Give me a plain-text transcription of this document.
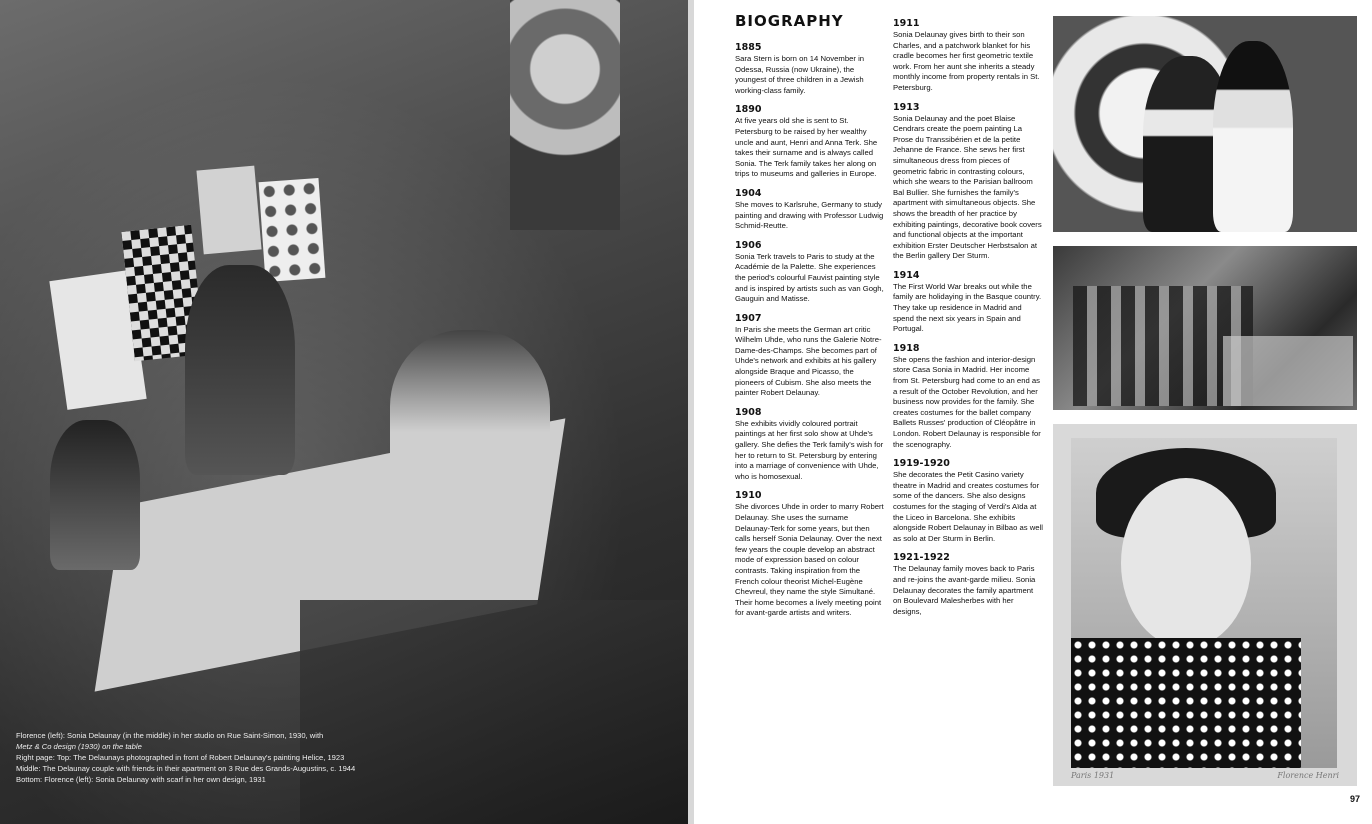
Florence (left): Sonia Delaunay (in the middle) in her studio on Rue Saint-Simon, 1930, with
Metz & Co design (1930) on the table
Right page: Top: The Delaunays photographed in front of Robert Delaunay's painting Helice, 1923
Middle: The Delaunay couple with friends in their apartment on 3 Rue des Grands-Augustins, c. 1944
Bottom: Florence (left): Sonia Delaunay with scarf in her own design, 1931
BIOGRAPHY
1885
Sara Stern is born on 14 November in Odessa, Russia (now Ukraine), the youngest of three children in a Jewish working-class family.
1890
At five years old she is sent to St. Petersburg to be raised by her wealthy uncle and aunt, Henri and Anna Terk. She takes their surname and is always called Sonia. The Terk family takes her along on trips to museums and galleries in Europe.
1904
She moves to Karlsruhe, Germany to study painting and drawing with Professor Ludwig Schmid-Reutte.
1906
Sonia Terk travels to Paris to study at the Académie de la Palette. She experiences the period's colourful Fauvist painting style and is inspired by artists such as van Gogh, Gauguin and Matisse.
1907
In Paris she meets the German art critic Wilhelm Uhde, who runs the Galerie Notre-Dame-des-Champs. She becomes part of Uhde's network and exhibits at his gallery alongside Braque and Picasso, the pioneers of Cubism. She also meets the painter Robert Delaunay.
1908
She exhibits vividly coloured portrait paintings at her first solo show at Uhde's gallery. She defies the Terk family's wish for her to return to St. Petersburg by entering into a marriage of convenience with Uhde, who is homosexual.
1910
She divorces Uhde in order to marry Robert Delaunay. She uses the surname Delaunay-Terk for some years, but then calls herself Sonia Delaunay. Over the next few years the couple develop an abstract mode of expression based on colour contrasts. Taking inspiration from the French colour theorist Michel-Eugène Chevreul, they name the style Simultané. Their home becomes a lively meeting point for avant-garde artists and writers.
1911
Sonia Delaunay gives birth to their son Charles, and a patchwork blanket for his cradle becomes her first geometric textile work. From her aunt she inherits a steady monthly income from property rentals in St. Petersburg.
1913
Sonia Delaunay and the poet Blaise Cendrars create the poem painting La Prose du Transsibérien et de la petite Jehanne de France. She sews her first simultaneous dress from pieces of geometric fabric in contrasting colours, which she wears to the Parisian ballroom Bal Bullier. She furnishes the family's apartment with simultaneous objects. She shows the breadth of her practice by exhibiting paintings, decorative book covers and functional objects at the important exhibition Erster Deutscher Herbstsalon at the Berlin gallery Der Sturm.
1914
The First World War breaks out while the family are holidaying in the Basque country. They take up residence in Madrid and spend the next six years in Spain and Portugal.
1918
She opens the fashion and interior-design store Casa Sonia in Madrid. Her income from St. Petersburg had come to an end as a result of the October Revolution, and her business now provides for the family. She creates costumes for the ballet company Ballets Russes' production of Cléopâtre in London. Robert Delaunay is responsible for the scenography.
1919-1920
She decorates the Petit Casino variety theatre in Madrid and creates costumes for some of the dancers. She also designs costumes for the staging of Verdi's Aïda at the Liceo in Barcelona. She exhibits alongside Robert Delaunay in Bilbao as well as solo at Der Sturm in Berlin.
1921-1922
The Delaunay family moves back to Paris and re-joins the avant-garde milieu. Sonia Delaunay decorates the family apartment on Boulevard Malesherbes with her designs,
Paris 1931	Florence Henri
97
